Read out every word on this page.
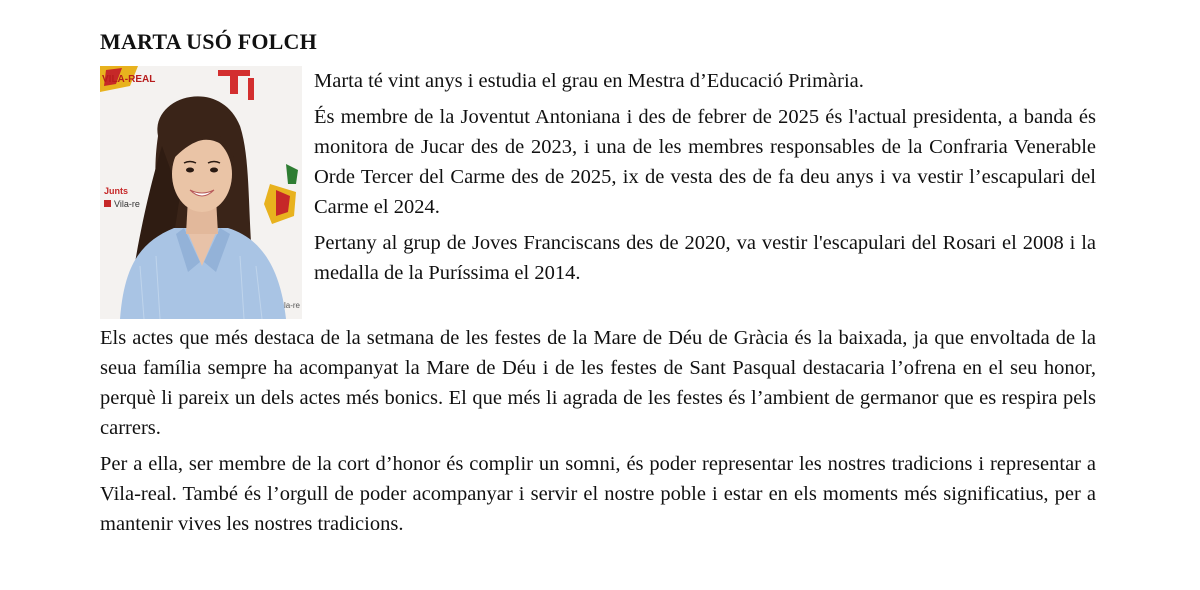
MARTA USÓ FOLCH
VILA-REAL
Junts
Vila-re
la-re

Marta té vint anys i estudia el grau en Mestra d’Educació Primària.

És membre de la Joventut Antoniana i des de febrer de 2025 és l'actual presidenta, a banda és monitora de Jucar des de 2023, i una de les membres responsables de la Confraria Venerable Orde Tercer del Carme des de 2025, ix de vesta des de fa deu anys i va vestir l’escapulari del Carme el 2024.

Pertany al grup de Joves Franciscans des de 2020, va vestir l'escapulari del Rosari el 2008 i la medalla de la Puríssima el 2014.

Els actes que més destaca de la setmana de les festes de la Mare de Déu de Gràcia és la baixada, ja que envoltada de la seua família sempre ha acompanyat la Mare de Déu i de les festes de Sant Pasqual destacaria l’ofrena en el seu honor, perquè li pareix un dels actes més bonics. El que més li agrada de les festes és l’ambient de germanor que es respira pels carrers.

Per a ella, ser membre de la cort d’honor és complir un somni, és poder representar les nostres tradicions i representar a Vila-real. També és l’orgull de poder acompanyar i servir el nostre poble i estar en els moments més significatius, per a mantenir vives les nostres tradicions.
